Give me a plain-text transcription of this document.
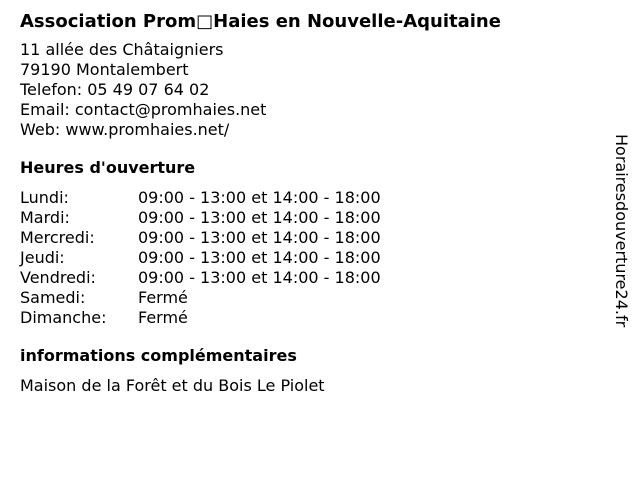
Association Prom□Haies en Nouvelle-Aquitaine
11 allée des Châtaigniers
79190 Montalembert
Telefon: 05 49 07 64 02
Email: contact@promhaies.net
Web: www.promhaies.net/
Heures d'ouverture
Lundi:	09:00 - 13:00 et 14:00 - 18:00
Mardi:	09:00 - 13:00 et 14:00 - 18:00
Mercredi:	09:00 - 13:00 et 14:00 - 18:00
Jeudi:	09:00 - 13:00 et 14:00 - 18:00
Vendredi:	09:00 - 13:00 et 14:00 - 18:00
Samedi:	Fermé
Dimanche:	Fermé
informations complémentaires
Maison de la Forêt et du Bois Le Piolet
Horairesdouverture24.fr
